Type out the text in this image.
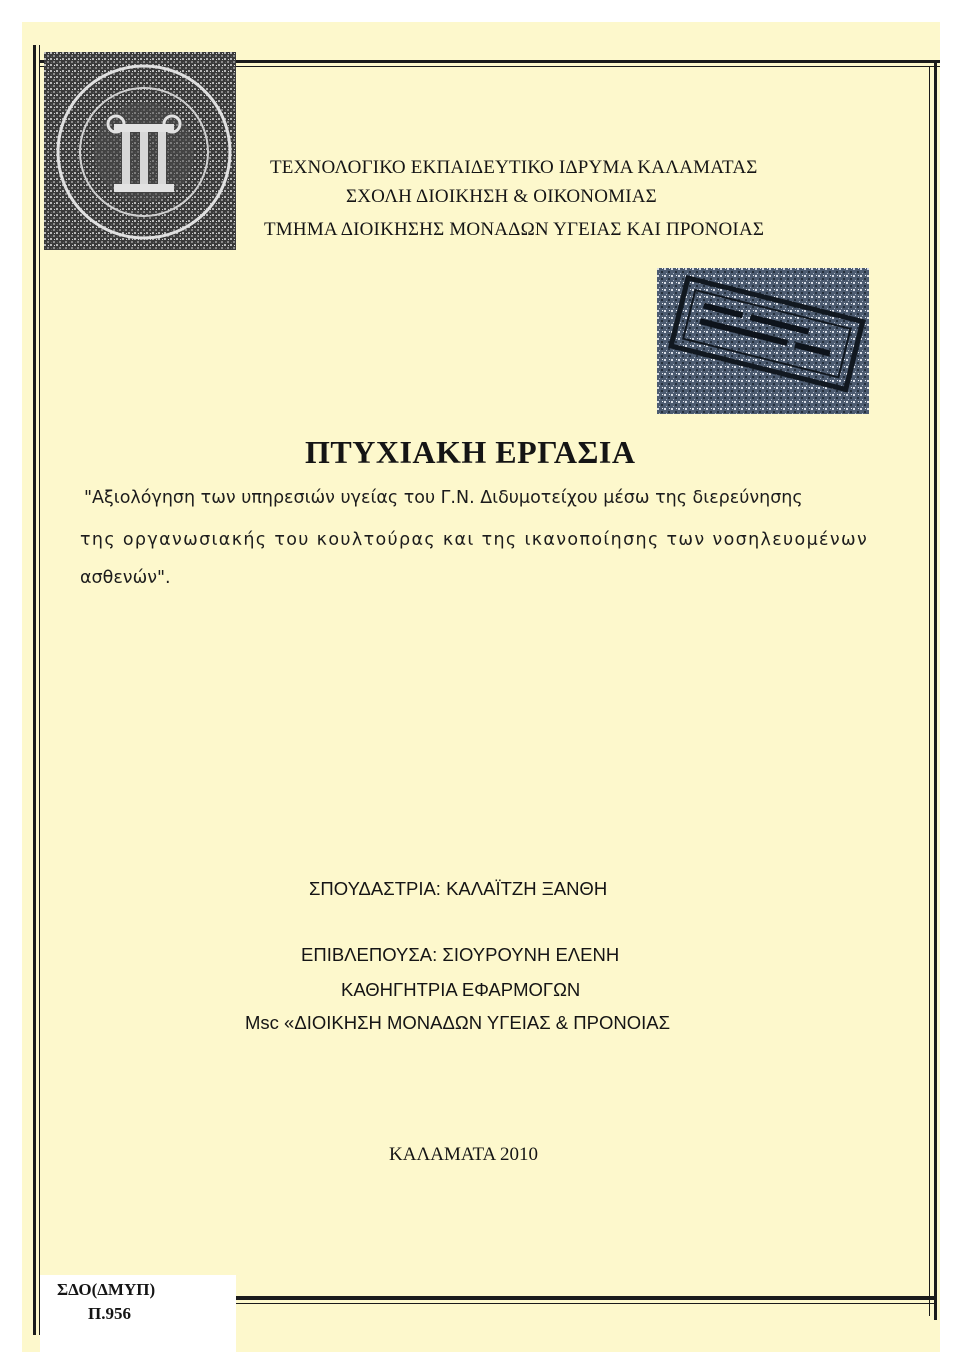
ΤΕΧΝΟΛΟΓΙΚΟ ΕΚΠΑΙΔΕΥΤΙΚΟ ΙΔΡΥΜΑ ΚΑΛΑΜΑΤΑΣ
ΣΧΟΛΗ ΔΙΟΙΚΗΣΗ & ΟΙΚΟΝΟΜΙΑΣ
ΤΜΗΜΑ ΔΙΟΙΚΗΣΗΣ ΜΟΝΑΔΩΝ ΥΓΕΙΑΣ ΚΑΙ ΠΡΟΝΟΙΑΣ
ΠΤΥΧΙΑΚΗ ΕΡΓΑΣΙΑ
"Αξιολόγηση των υπηρεσιών υγείας του Γ.Ν. Διδυμοτείχου μέσω της διερεύνησης
της οργανωσιακής του κουλτούρας και της ικανοποίησης των νοσηλευομένων
ασθενών".
ΣΠΟΥΔΑΣΤΡΙΑ: ΚΑΛΑΪΤΖΗ ΞΑΝΘΗ
ΕΠΙΒΛΕΠΟΥΣΑ: ΣΙΟΥΡΟΥΝΗ ΕΛΕΝΗ
ΚΑΘΗΓΗΤΡΙΑ ΕΦΑΡΜΟΓΩΝ
Msc «ΔΙΟΙΚΗΣΗ ΜΟΝΑΔΩΝ ΥΓΕΙΑΣ & ΠΡΟΝΟΙΑΣ
ΚΑΛΑΜΑΤΑ 2010
ΣΔΟ(ΔΜΥΠ)
Π.956
